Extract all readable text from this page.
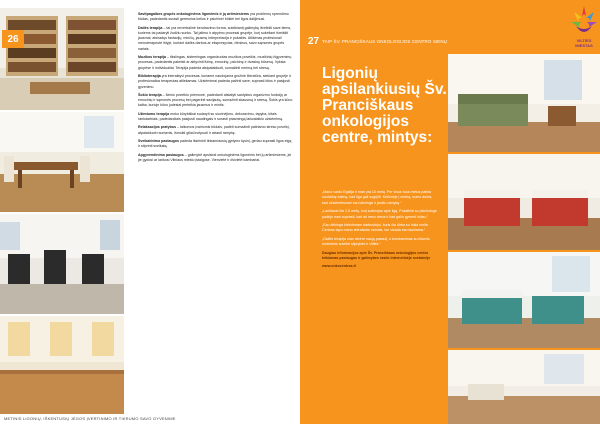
26

Savitpagalbos grupės onkologinėms ligonėmis ir jų artimiesiems yra problemų sprendimo būdas, padedantis surasti geresnius kelius ir psichinei būklei bei ligos dalijimusi.

Dailės terapija – tai yra neverbalinė bendravimo forma, suteikiantį galimybę išreikšti save tiems, kuriems tai padaryti žodžiu sunku. Tai jalimo ir atpyimo procesai grupėje, kurį sukeliant išreikšti jausmai, atsiradęs fantazijų, minčių, jausmų interpretacija ir pokalbis. Atlikimas profesionali menoterapeutė ištyje, kuriant dailės darbus ar ekspresyvias, ritminus, savo sąmones grupės nariais.

Muzikos terapija – tikslingas, sistemingas organizuotas muzikos poveikis, muzikinių išgyvenimų procesas, padedantis pakeisti ar aktyvinti fizinę, emocinę, psichinę ir dvasinę būseną. Vyksta grupėse ir individualiai. Terapija padeda atsipalaiduoti, sumažinti nerimą bei stresą.

Biblioterapija yra interaktyvi procesas, kuriame naudojama grožinė literatūra, siekiant grupėje ir profesionalios terapeutas atliekamas. Užsiėmimai padeda pažinti save, suprasti kitus ir pasijusti gyvenimu.

Šokio terapija – fizinio poveikio priemonė, padedanti atstatyti santykius organizmo funkcijų ar emocinių ir sąmonės procesų bei pagerinti savijautą, sumažinti skausmą ir stresą. Šokis yra kūno kalba, kurioje kūno judesiai perteikia jausmus ir mintis.

Užimtumo terapija moko kūrybiškai sudaryti su siuvinėjimu, dekoravimu, tapyba, kitais rankdarbiais, padedančiais pasijusti naudingais ir surasti prasmingą laisvalaikio užsiėmimą.

Relaksacijos pratybos – taikomos įvairiomis būdais, padėti sumažinti patiriamo streso poveikį, atpalaiduoti raumenis, išmokti giliai kvėpuoti ir atrasti ramybę.

Sveikatinimo paslaugos padeda išsirinkti tinkamiausią gydymo tęsinį, geriau suprasti ligos eigą ir stiprinti sveikatą.

Apgyvendinimo paslaugos – galimybė apsistoti onkologinėms ligonėms bei jų artimiesiems, jei jie gydosi ar lankosi Vilniaus miesto įstaigose. Vienvietė ir dvivietė kambariai.

METINIS LIGONIŲ, IŠKENTUSIŲ JĖGOS ĮVERTINIMO IR TIKRUMO SAVO GYVENIME
27 TAIP ŠV. PRANCIŠKAUS ONKOLOGIJOS CENTRO SIENŲ	VILTIES MIESTAS
Ligonių apsilankiusių Šv. Pranciškaus onkologijos centre, mintys:

„Mano vardo Egidija ir man yra 10 metų. Per visus tuos metus patiria nuolatinę baimę, kad liga gali sugrįžti. Kelionėje į centrą, mano dukra, kad užsiėmimuose esu laiminga ir jaučiu ramybę.“

„Lankiausi čia 1,5 metų, kurį sužinojau apie ligą. Pokalbiai su psichologe padėjo man suprasti, kad aš nesu viena ir kad galiu gyventi toliau.“

„Esu dėkinga kiekvienam darbuotojui, kuris čia dirba su tokia meile. Centras tapo mano antraisiais namais, kur visada esu laukiama.“

„Dailės terapija man atvėrė naują pasaulį, o bendravimas su kitomis moterimis suteikė stiprybės ir vilties.“

Daugiau informacijos apie Šv. Pranciškaus onkologijos centro teikiamas paslaugas ir galimybes rasite internetinėje svetainėje

www.onkocentras.lt
